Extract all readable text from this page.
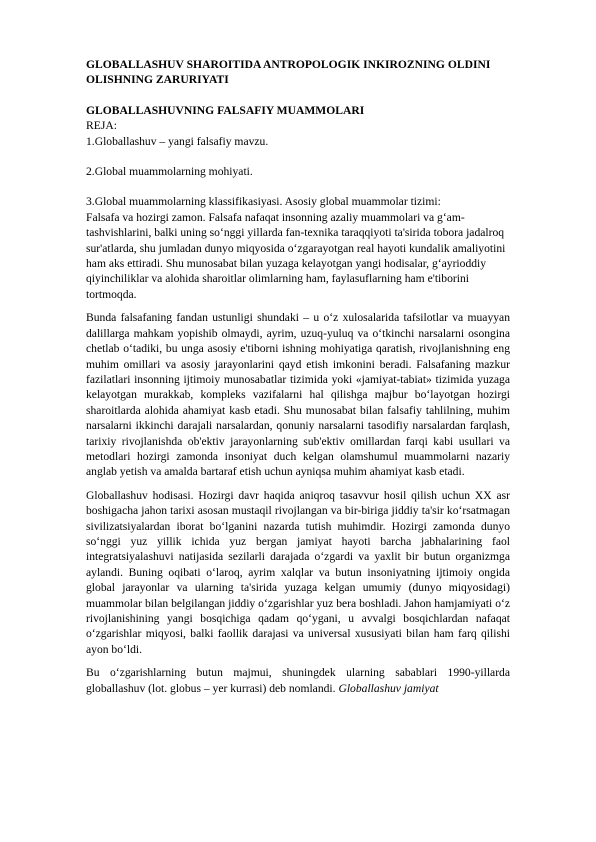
GLOBALLASHUV SHAROITIDA ANTROPOLOGIK INKIROZNING OLDINI OLISHNING ZARURIYATI

GLOBALLASHUVNING FALSAFIY MUAMMOLARI

REJA:

1.Globallashuv – yangi falsafiy mavzu.

2.Global muammolarning mohiyati.

3.Global muammolarning klassifikasiyasi. Asosiy global muammolar tizimi:

Falsafa va hozirgi zamon. Falsafa nafaqat insonning azaliy muammolari va g‘am-tashvishlarini, balki uning so‘nggi yillarda fan-texnika taraqqiyoti ta'sirida tobora jadalroq sur'atlarda, shu jumladan dunyo miqyosida o‘zgarayotgan real hayoti kundalik amaliyotini ham aks ettiradi. Shu munosabat bilan yuzaga kelayotgan yangi hodisalar, g‘ayrioddiy qiyinchiliklar va alohida sharoitlar olimlarning ham, faylasuflarning ham e'tiborini tortmoqda.

Bunda falsafaning fandan ustunligi shundaki – u o‘z xulosalarida tafsilotlar va muayyan dalillarga mahkam yopishib olmaydi, ayrim, uzuq-yuluq va o‘tkinchi narsalarni osongina chetlab o‘tadiki, bu unga asosiy e'tiborni ishning mohiyatiga qaratish, rivojlanishning eng muhim omillari va asosiy jarayonlarini qayd etish imkonini beradi. Falsafaning mazkur fazilatlari insonning ijtimoiy munosabatlar tizimida yoki «jamiyat-tabiat» tizimida yuzaga kelayotgan murakkab, kompleks vazifalarni hal qilishga majbur bo‘layotgan hozirgi sharoitlarda alohida ahamiyat kasb etadi. Shu munosabat bilan falsafiy tahlilning, muhim narsalarni ikkinchi darajali narsalardan, qonuniy narsalarni tasodifiy narsalardan farqlash, tarixiy rivojlanishda ob'ektiv jarayonlarning sub'ektiv omillardan farqi kabi usullari va metodlari hozirgi zamonda insoniyat duch kelgan olamshumul muammolarni nazariy anglab yetish va amalda bartaraf etish uchun ayniqsa muhim ahamiyat kasb etadi.

Globallashuv hodisasi. Hozirgi davr haqida aniqroq tasavvur hosil qilish uchun XX asr boshigacha jahon tarixi asosan mustaqil rivojlangan va bir-biriga jiddiy ta'sir ko‘rsatmagan sivilizatsiyalardan iborat bo‘lganini nazarda tutish muhimdir. Hozirgi zamonda dunyo so‘nggi yuz yillik ichida yuz bergan jamiyat hayoti barcha jabhalarining faol integratsiyalashuvi natijasida sezilarli darajada o‘zgardi va yaxlit bir butun organizmga aylandi. Buning oqibati o‘laroq, ayrim xalqlar va butun insoniyatning ijtimoiy ongida global jarayonlar va ularning ta'sirida yuzaga kelgan umumiy (dunyo miqyosidagi) muammolar bilan belgilangan jiddiy o‘zgarishlar yuz bera boshladi. Jahon hamjamiyati o‘z rivojlanishining yangi bosqichiga qadam qo‘ygani, u avvalgi bosqichlardan nafaqat o‘zgarishlar miqyosi, balki faollik darajasi va universal xususiyati bilan ham farq qilishi ayon bo‘ldi.

Bu o‘zgarishlarning butun majmui, shuningdek ularning sabablari 1990-yillarda globallashuv (lot. globus – yer kurrasi) deb nomlandi. Globallashuv jamiyat
